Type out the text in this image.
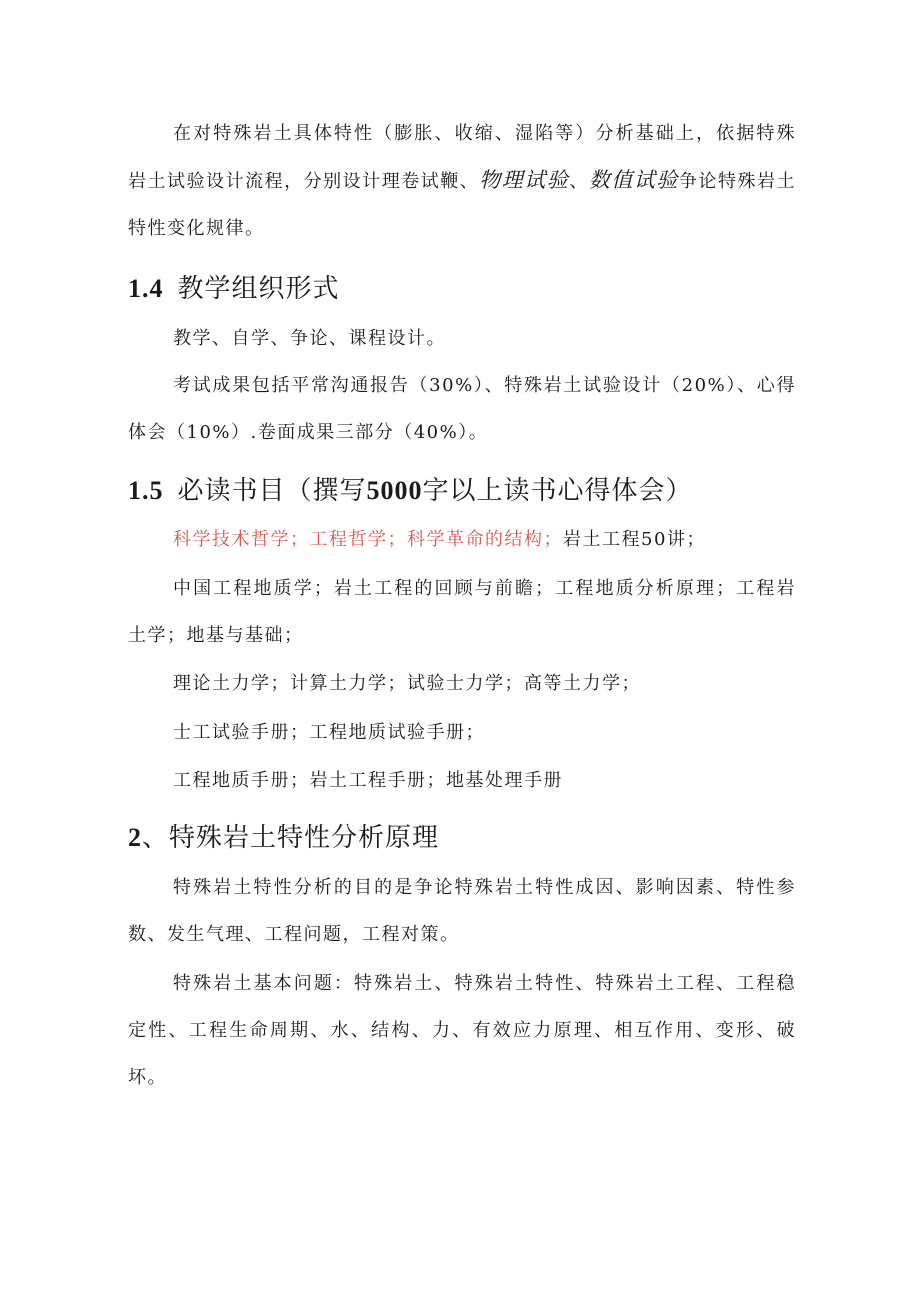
在对特殊岩土具体特性（膨胀、收缩、湿陷等）分析基础上，依据特殊岩土试验设计流程，分别设计理卷试鞭、物理试验、数值试验争论特殊岩土特性变化规律。

1.4 教学组织形式

教学、自学、争论、课程设计。

考试成果包括平常沟通报告（30%）、特殊岩土试验设计（20%）、心得体会（10%）.卷面成果三部分（40%）。

1.5 必读书目（撰写5000字以上读书心得体会）

科学技术哲学；工程哲学；科学革命的结构；岩土工程50讲；

中国工程地质学；岩土工程的回顾与前瞻；工程地质分析原理；工程岩土学；地基与基础；

理论土力学；计算土力学；试验士力学；高等土力学；

士工试验手册；工程地质试验手册；

工程地质手册；岩土工程手册；地基处理手册

2、特殊岩土特性分析原理

特殊岩土特性分析的目的是争论特殊岩土特性成因、影响因素、特性参数、发生气理、工程问题，工程对策。

特殊岩土基本问题：特殊岩土、特殊岩土特性、特殊岩土工程、工程稳定性、工程生命周期、水、结构、力、有效应力原理、相互作用、变形、破坏。
